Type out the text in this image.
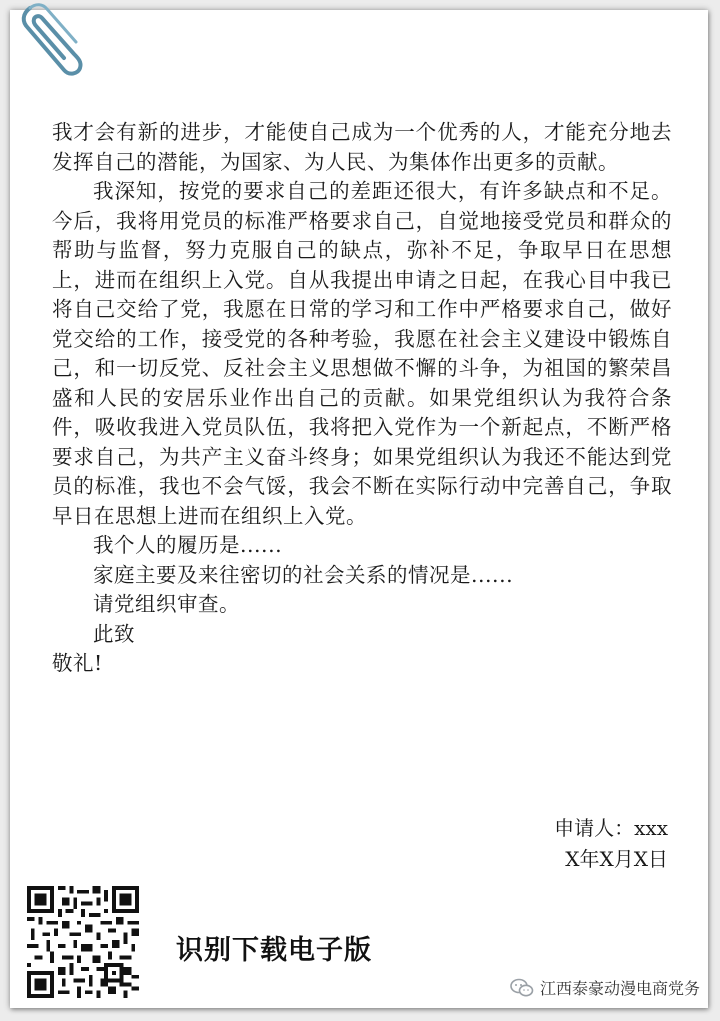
我才会有新的进步，才能使自己成为一个优秀的人，才能充分地去发挥自己的潜能，为国家、为人民、为集体作出更多的贡献。

我深知，按党的要求自己的差距还很大，有许多缺点和不足。今后，我将用党员的标准严格要求自己，自觉地接受党员和群众的帮助与监督，努力克服自己的缺点，弥补不足，争取早日在思想上，进而在组织上入党。自从我提出申请之日起，在我心目中我已将自己交给了党，我愿在日常的学习和工作中严格要求自己，做好党交给的工作，接受党的各种考验，我愿在社会主义建设中锻炼自己，和一切反党、反社会主义思想做不懈的斗争，为祖国的繁荣昌盛和人民的安居乐业作出自己的贡献。如果党组织认为我符合条件，吸收我进入党员队伍，我将把入党作为一个新起点，不断严格要求自己，为共产主义奋斗终身；如果党组织认为我还不能达到党员的标准，我也不会气馁，我会不断在实际行动中完善自己，争取早日在思想上进而在组织上入党。

我个人的履历是......

家庭主要及来往密切的社会关系的情况是......

请党组织审查。

此致

敬礼!

申请人：xxx
X年X月X日
识别下载电子版
江西泰豪动漫电商党务
